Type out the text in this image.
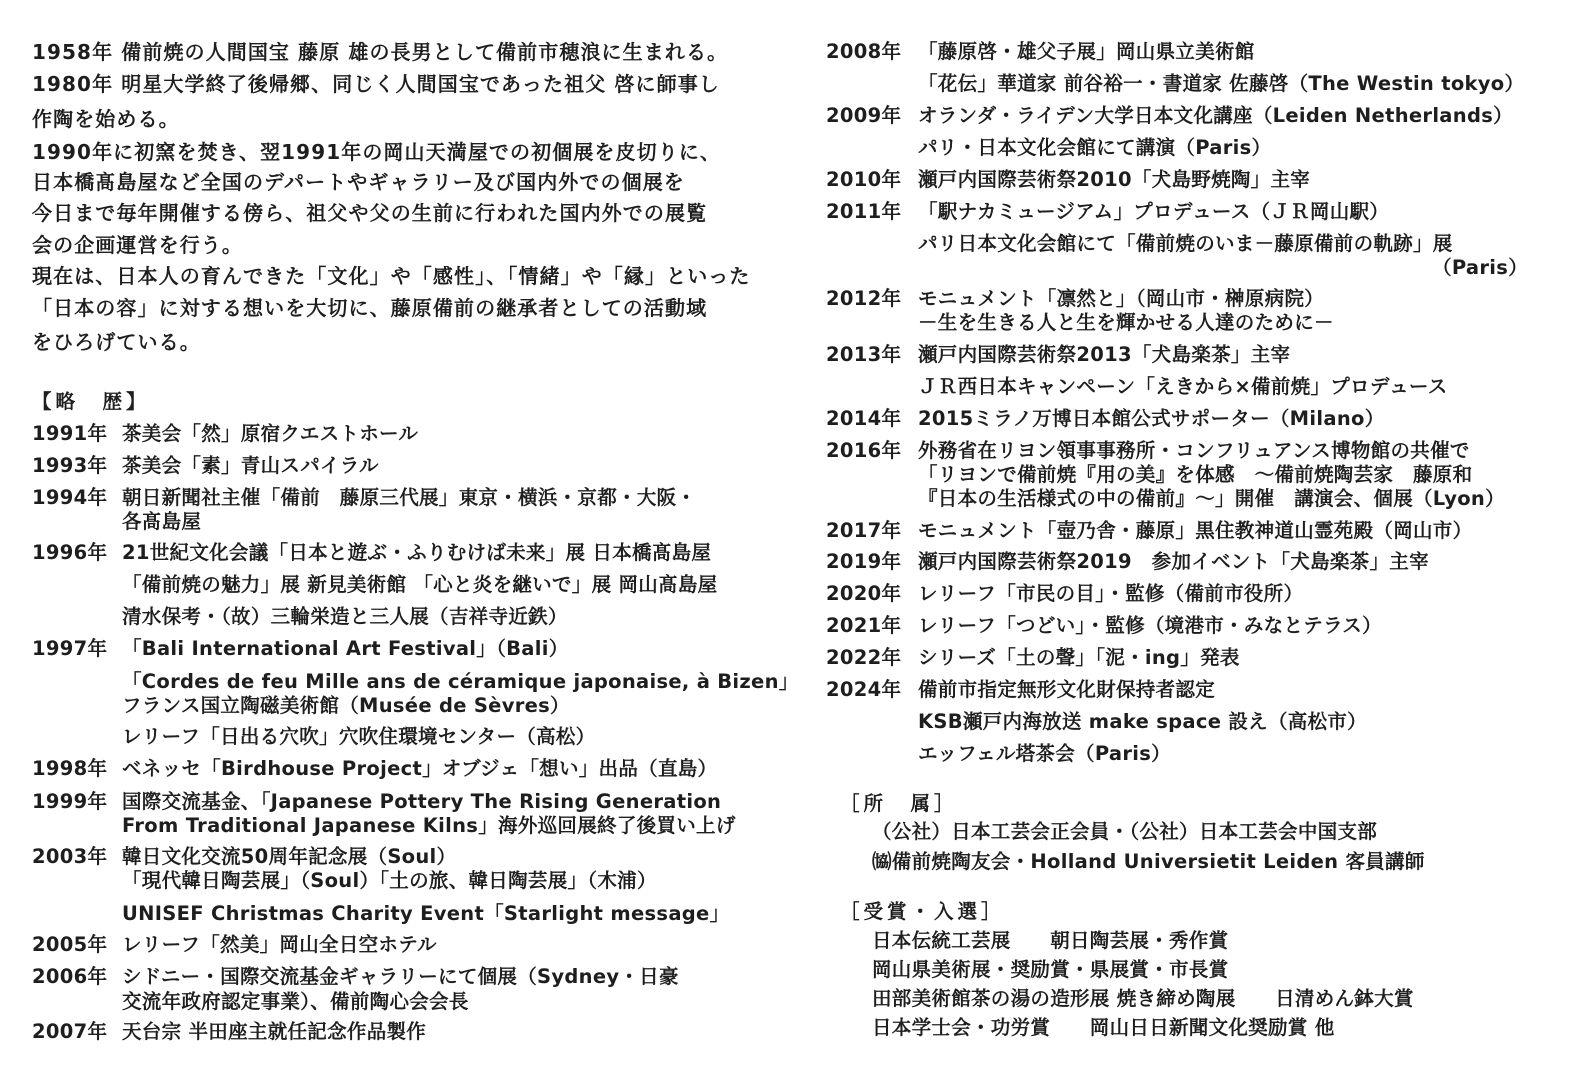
1958年 備前焼の人間国宝 藤原 雄の長男として備前市穂浪に生まれる。
1980年 明星大学終了後帰郷、同じく人間国宝であった祖父 啓に師事し
作陶を始める。
1990年に初窯を焚き、翌1991年の岡山天満屋での初個展を皮切りに、
日本橋髙島屋など全国のデパートやギャラリー及び国内外での個展を
今日まで毎年開催する傍ら、祖父や父の生前に行われた国内外での展覧
会の企画運営を行う。
現在は、日本人の育んできた「文化」や「感性」、「情緒」や「縁」といった
「日本の容」に対する想いを大切に、藤原備前の継承者としての活動域
をひろげている。
【略　歴】
1991年 茶美会「然」原宿クエストホール
1993年 茶美会「素」青山スパイラル
1994年 朝日新聞社主催「備前　藤原三代展」東京・横浜・京都・大阪・
各髙島屋
1996年 21世紀文化会議「日本と遊ぶ・ふりむけば未来」展 日本橋髙島屋
「備前焼の魅力」展 新見美術館 「心と炎を継いで」展 岡山髙島屋
清水保考・（故）三輪栄造と三人展（吉祥寺近鉄）
1997年 「Bali International Art Festival」（Bali）
「Cordes de feu Mille ans de céramique japonaise, à Bizen」
フランス国立陶磁美術館（Musée de Sèvres）
レリーフ「日出る穴吹」穴吹住環境センター（高松）
1998年 ベネッセ「Birdhouse Project」オブジェ「想い」出品（直島）
1999年 国際交流基金、「Japanese Pottery The Rising Generation
From Traditional Japanese Kilns」海外巡回展終了後買い上げ
2003年 韓日文化交流50周年記念展（Soul）
「現代韓日陶芸展」（Soul）「土の旅、韓日陶芸展」（木浦）
UNISEF Christmas Charity Event「Starlight message」
2005年 レリーフ「然美」岡山全日空ホテル
2006年 シドニー・国際交流基金ギャラリーにて個展（Sydney・日豪
交流年政府認定事業）、備前陶心会会長
2007年 天台宗 半田座主就任記念作品製作
2008年 「藤原啓・雄父子展」岡山県立美術館
「花伝」華道家 前谷裕一・書道家 佐藤啓（The Westin tokyo）
2009年 オランダ・ライデン大学日本文化講座（Leiden Netherlands）
パリ・日本文化会館にて講演（Paris）
2010年 瀬戸内国際芸術祭2010「犬島野焼陶」主宰
2011年 「駅ナカミュージアム」プロデュース（ＪＲ岡山駅）
パリ日本文化会館にて「備前焼のいま－藤原備前の軌跡」展
（Paris）
2012年 モニュメント「凛然と」（岡山市・榊原病院）
－生を生きる人と生を輝かせる人達のために－
2013年 瀬戸内国際芸術祭2013「犬島楽茶」主宰
ＪＲ西日本キャンペーン「えきから×備前焼」プロデュース
2014年 2015ミラノ万博日本館公式サポーター（Milano）
2016年 外務省在リヨン領事事務所・コンフリュアンス博物館の共催で
「リヨンで備前焼『用の美』を体感　～備前焼陶芸家　藤原和
『日本の生活様式の中の備前』～」開催　講演会、個展（Lyon）
2017年 モニュメント「壺乃舎・藤原」黒住教神道山霊苑殿（岡山市）
2019年 瀬戸内国際芸術祭2019　参加イベント「犬島楽茶」主宰
2020年 レリーフ「市民の目」・監修（備前市役所）
2021年 レリーフ「つどい」・監修（境港市・みなとテラス）
2022年 シリーズ「土の聲」「泥・ing」発表
2024年 備前市指定無形文化財保持者認定
KSB瀬戸内海放送 make space 設え（高松市）
エッフェル塔茶会（Paris）
［所　属］
（公社）日本工芸会正会員・（公社）日本工芸会中国支部
㈿備前焼陶友会・Holland Universietit Leiden 客員講師
［受賞・入選］
日本伝統工芸展　　朝日陶芸展・秀作賞
岡山県美術展・奨励賞・県展賞・市長賞
田部美術館茶の湯の造形展 焼き締め陶展　　日清めん鉢大賞
日本学士会・功労賞　　岡山日日新聞文化奨励賞 他
